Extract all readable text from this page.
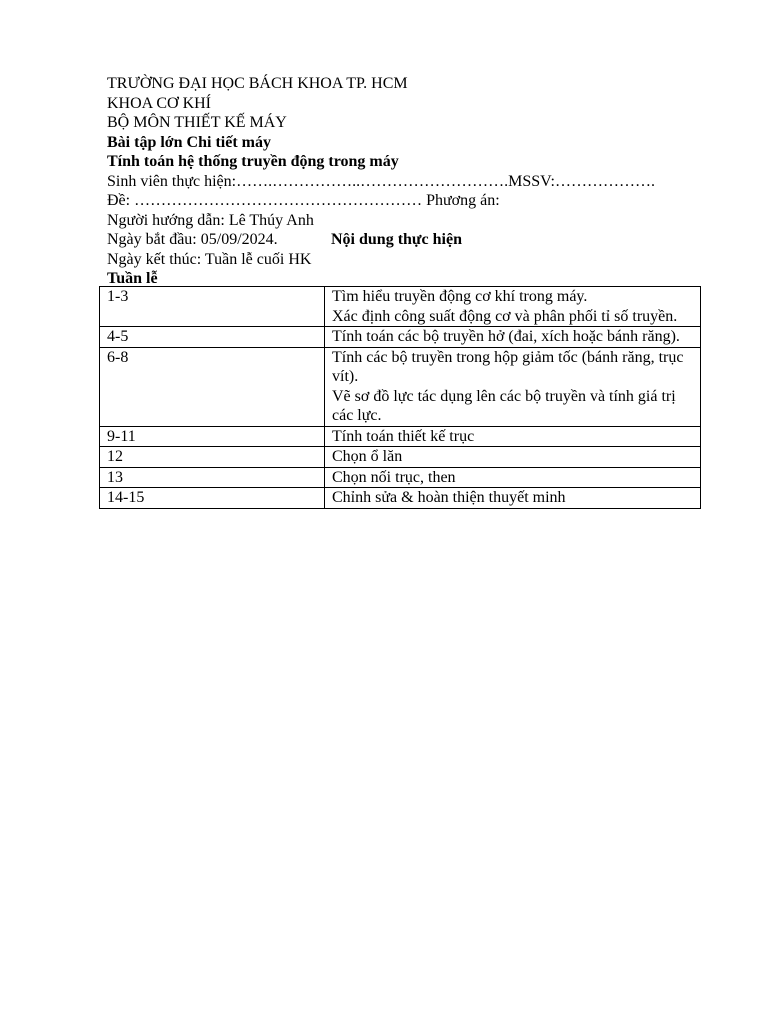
TRƯỜNG ĐẠI HỌC BÁCH KHOA TP. HCM
KHOA CƠ KHÍ
BỘ MÔN THIẾT KẾ MÁY
Bài tập lớn Chi tiết máy
Tính toán hệ thống truyền động trong máy
Sinh viên thực hiện:…….……………..……………………….MSSV:……………….
Đề: ……………………………………………… Phương án:
Người hướng dẫn: Lê Thúy Anh
Ngày bắt đầu: 05/09/2024.	Nội dung thực hiện
Ngày kết thúc: Tuần lễ cuối HK
Tuần lễ
1-3	Tìm hiểu truyền động cơ khí trong máy.
Xác định công suất động cơ và phân phối tỉ số truyền.

4-5	Tính toán các bộ truyền hở (đai, xích hoặc bánh răng).

6-8	Tính các bộ truyền trong hộp giảm tốc (bánh răng, trục vít).
Vẽ sơ đồ lực tác dụng lên các bộ truyền và tính giá trị các lực.

9-11	Tính toán thiết kế trục

12	Chọn ổ lăn

13	Chọn nối trục, then

14-15	Chỉnh sửa & hoàn thiện thuyết minh
